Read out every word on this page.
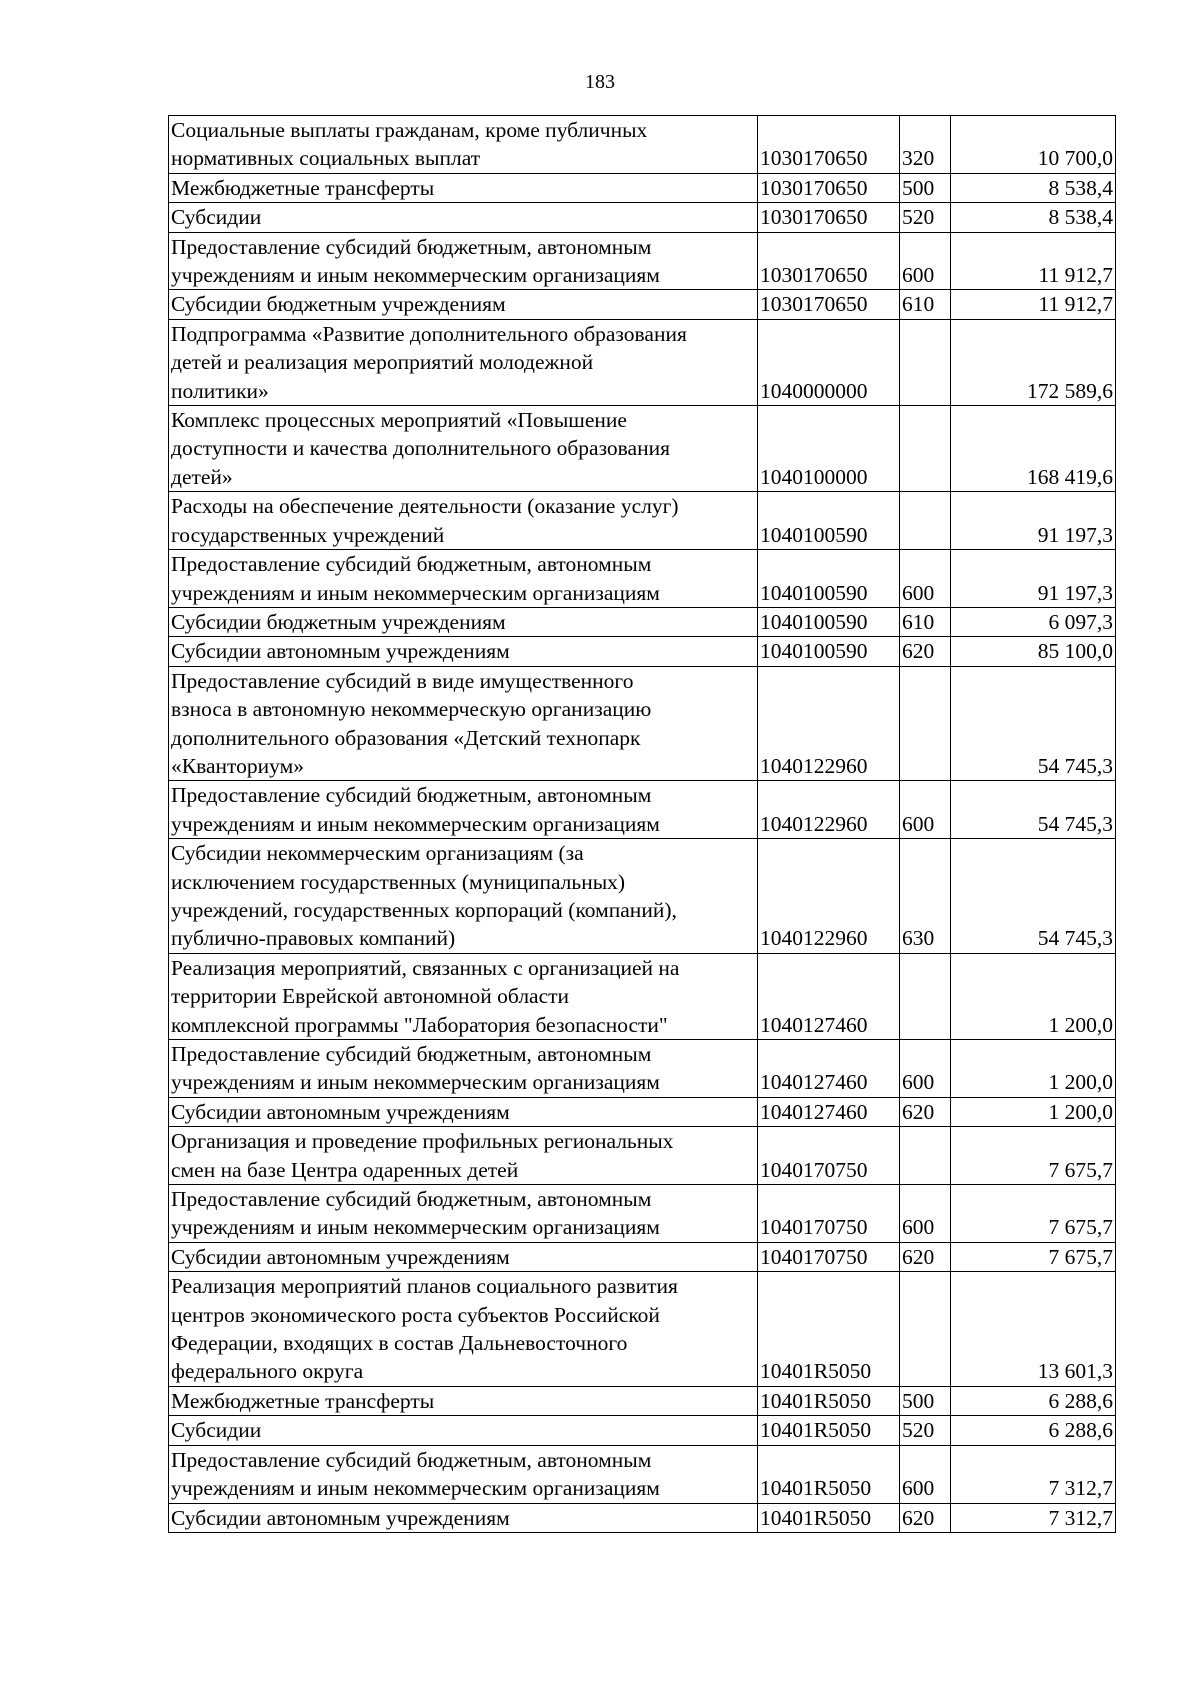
183
Социальные выплаты гражданам, кроме публичных
нормативных социальных выплат	1030170650	320	10 700,0
Межбюджетные трансферты	1030170650	500	8 538,4
Субсидии	1030170650	520	8 538,4
Предоставление субсидий бюджетным, автономным
учреждениям и иным некоммерческим организациям	1030170650	600	11 912,7
Субсидии бюджетным учреждениям	1030170650	610	11 912,7
Подпрограмма «Развитие дополнительного образования
детей и реализация мероприятий молодежной
политики»	1040000000		172 589,6
Комплекс процессных мероприятий «Повышение
доступности и качества дополнительного образования
детей»	1040100000		168 419,6
Расходы на обеспечение деятельности (оказание услуг)
государственных учреждений	1040100590		91 197,3
Предоставление субсидий бюджетным, автономным
учреждениям и иным некоммерческим организациям	1040100590	600	91 197,3
Субсидии бюджетным учреждениям	1040100590	610	6 097,3
Субсидии автономным учреждениям	1040100590	620	85 100,0
Предоставление субсидий в виде имущественного
взноса в автономную некоммерческую организацию
дополнительного образования «Детский технопарк
«Кванториум»	1040122960		54 745,3
Предоставление субсидий бюджетным, автономным
учреждениям и иным некоммерческим организациям	1040122960	600	54 745,3
Субсидии некоммерческим организациям (за
исключением государственных (муниципальных)
учреждений, государственных корпораций (компаний),
публично-правовых компаний)	1040122960	630	54 745,3
Реализация мероприятий, связанных с организацией на
территории Еврейской автономной области
комплексной программы "Лаборатория безопасности"	1040127460		1 200,0
Предоставление субсидий бюджетным, автономным
учреждениям и иным некоммерческим организациям	1040127460	600	1 200,0
Субсидии автономным учреждениям	1040127460	620	1 200,0
Организация и проведение профильных региональных
смен на базе Центра одаренных детей	1040170750		7 675,7
Предоставление субсидий бюджетным, автономным
учреждениям и иным некоммерческим организациям	1040170750	600	7 675,7
Субсидии автономным учреждениям	1040170750	620	7 675,7
Реализация мероприятий планов социального развития
центров экономического роста субъектов Российской
Федерации, входящих в состав Дальневосточного
федерального округа	10401R5050		13 601,3
Межбюджетные трансферты	10401R5050	500	6 288,6
Субсидии	10401R5050	520	6 288,6
Предоставление субсидий бюджетным, автономным
учреждениям и иным некоммерческим организациям	10401R5050	600	7 312,7
Субсидии автономным учреждениям	10401R5050	620	7 312,7
